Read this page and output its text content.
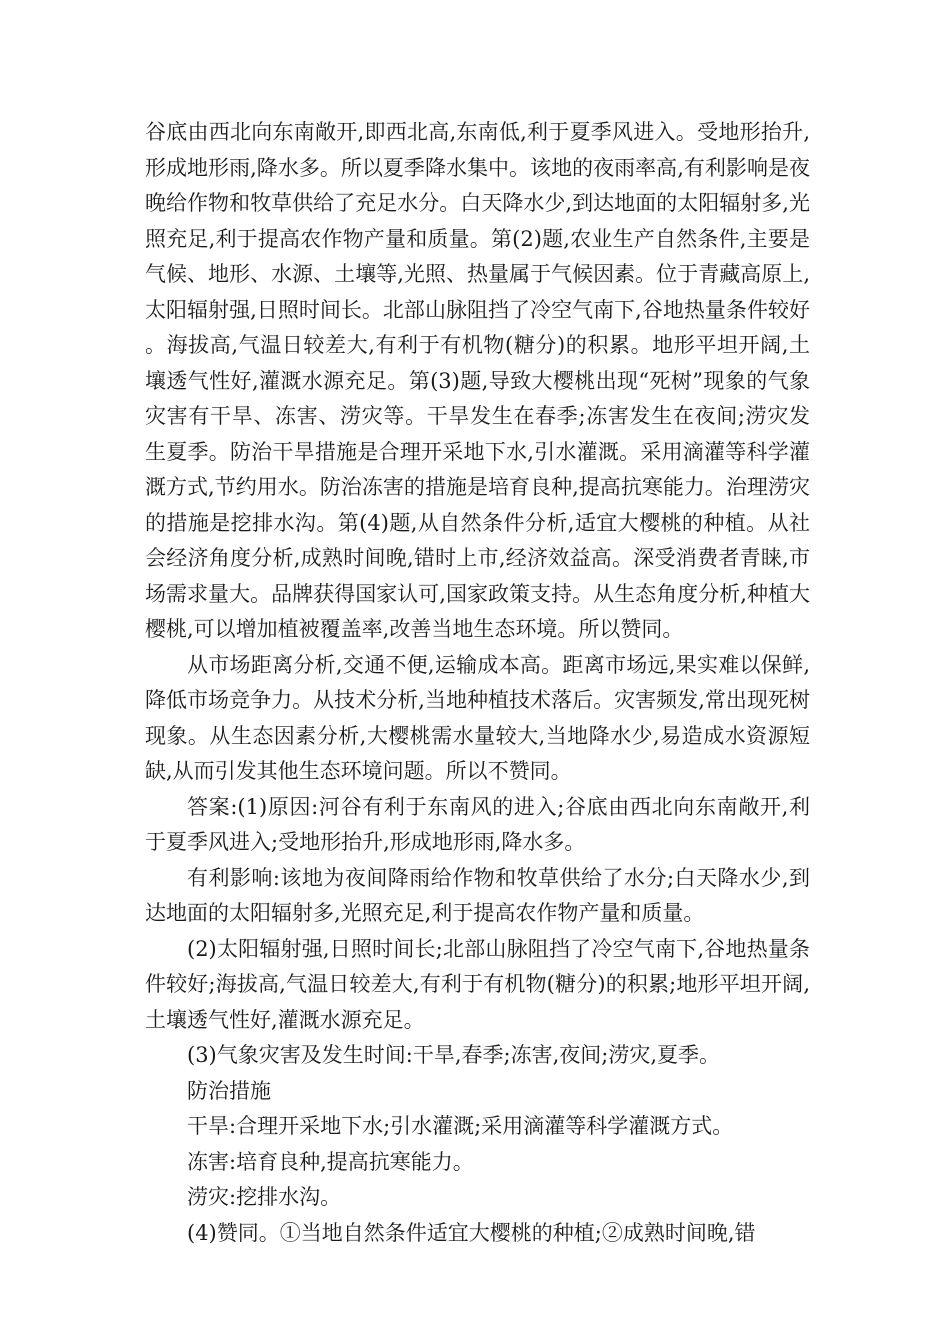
谷底由西北向东南敞开,即西北高,东南低,利于夏季风进入。受地形抬升,形成地形雨,降水多。所以夏季降水集中。该地的夜雨率高,有利影响是夜晚给作物和牧草供给了充足水分。白天降水少,到达地面的太阳辐射多,光照充足,利于提高农作物产量和质量。第(2)题,农业生产自然条件,主要是气候、地形、水源、土壤等,光照、热量属于气候因素。位于青藏高原上,太阳辐射强,日照时间长。北部山脉阻挡了冷空气南下,谷地热量条件较好。海拔高,气温日较差大,有利于有机物(糖分)的积累。地形平坦开阔,土壤透气性好,灌溉水源充足。第(3)题,导致大樱桃出现“死树”现象的气象灾害有干旱、冻害、涝灾等。干旱发生在春季;冻害发生在夜间;涝灾发生夏季。防治干旱措施是合理开采地下水,引水灌溉。采用滴灌等科学灌溉方式,节约用水。防治冻害的措施是培育良种,提高抗寒能力。治理涝灾的措施是挖排水沟。第(4)题,从自然条件分析,适宜大樱桃的种植。从社会经济角度分析,成熟时间晚,错时上市,经济效益高。深受消费者青睐,市场需求量大。品牌获得国家认可,国家政策支持。从生态角度分析,种植大樱桃,可以增加植被覆盖率,改善当地生态环境。所以赞同。

从市场距离分析,交通不便,运输成本高。距离市场远,果实难以保鲜,降低市场竞争力。从技术分析,当地种植技术落后。灾害频发,常出现死树现象。从生态因素分析,大樱桃需水量较大,当地降水少,易造成水资源短缺,从而引发其他生态环境问题。所以不赞同。

答案:(1)原因:河谷有利于东南风的进入;谷底由西北向东南敞开,利于夏季风进入;受地形抬升,形成地形雨,降水多。

有利影响:该地为夜间降雨给作物和牧草供给了水分;白天降水少,到达地面的太阳辐射多,光照充足,利于提高农作物产量和质量。

(2)太阳辐射强,日照时间长;北部山脉阻挡了冷空气南下,谷地热量条件较好;海拔高,气温日较差大,有利于有机物(糖分)的积累;地形平坦开阔,土壤透气性好,灌溉水源充足。

(3)气象灾害及发生时间:干旱,春季;冻害,夜间;涝灾,夏季。

防治措施

干旱:合理开采地下水;引水灌溉;采用滴灌等科学灌溉方式。

冻害:培育良种,提高抗寒能力。

涝灾:挖排水沟。

(4)赞同。①当地自然条件适宜大樱桃的种植;②成熟时间晚,错
